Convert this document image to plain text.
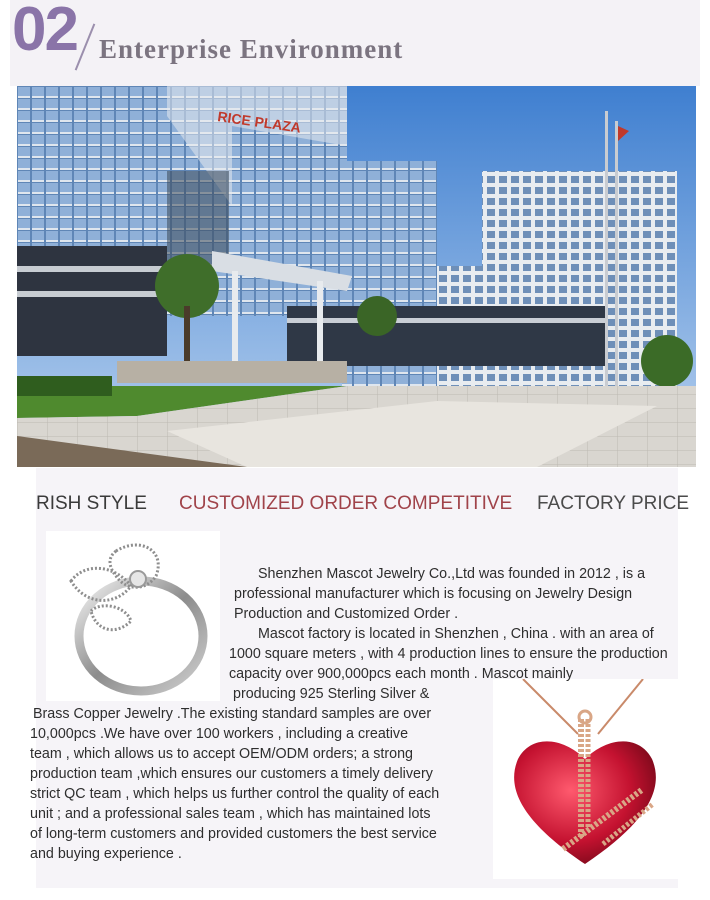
02 Enterprise Environment
RICE PLAZA
RISH STYLE CUSTOMIZED ORDER COMPETITIVE FACTORY PRICE

Shenzhen Mascot Jewelry Co.,Ltd was founded in 2012 , is a

professional manufacturer which is focusing on Jewelry Design

Production and Customized Order .

Mascot factory is located in Shenzhen , China . with an area of

1000 square meters , with 4 production lines to ensure the production

capacity over 900,000pcs each month . Mascot mainly

producing 925 Sterling Silver &

Brass Copper Jewelry .The existing standard samples are over

10,000pcs .We have over 100 workers , including a creative

team , which allows us to accept OEM/ODM orders; a strong

production team ,which ensures our customers a timely delivery

strict QC team , which helps us further control the quality of each

unit ; and a professional sales team , which has maintained lots

of long-term customers and provided customers the best service

and buying experience .
